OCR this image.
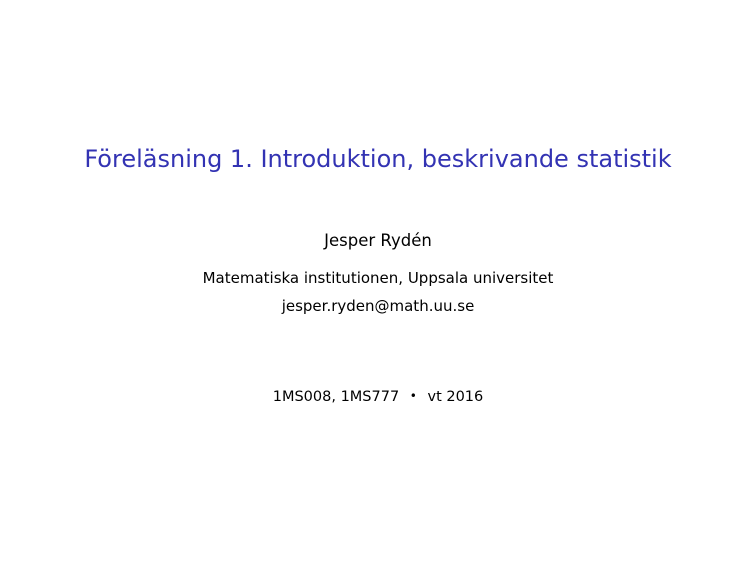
Föreläsning 1. Introduktion, beskrivande statistik
Jesper Rydén
Matematiska institutionen, Uppsala universitet
jesper.ryden@math.uu.se
1MS008, 1MS777 • vt 2016
